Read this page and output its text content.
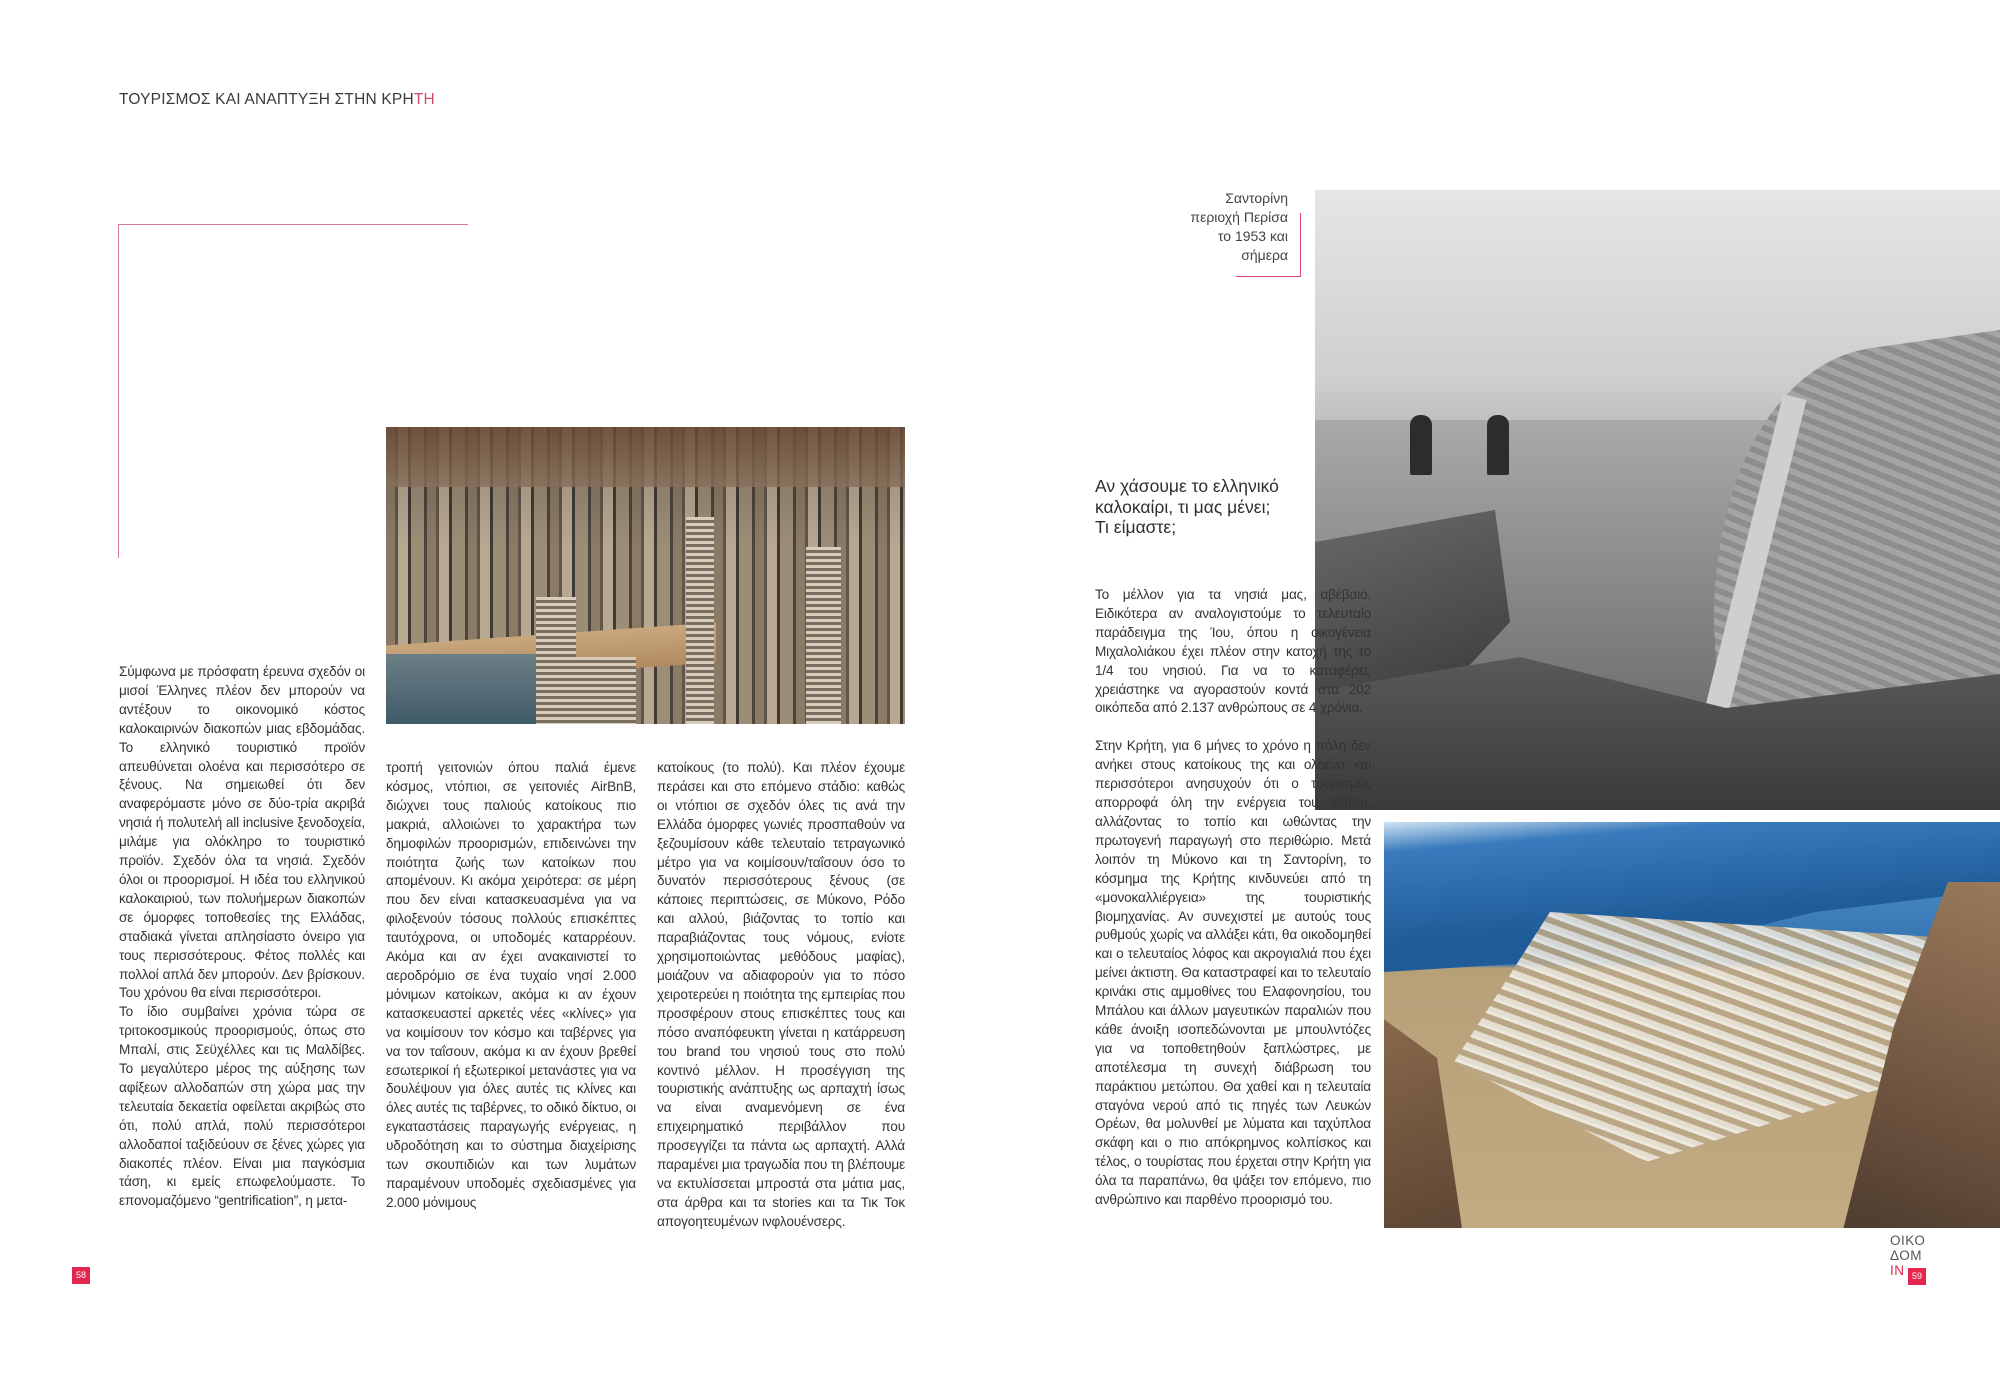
ΤΟΥΡΙΣΜΟΣ ΚΑΙ ΑΝΑΠΤΥΞΗ ΣΤΗΝ ΚΡΗΤΗ

Σύμφωνα με πρόσφατη έρευνα σχεδόν οι μισοί Έλληνες πλέον δεν μπορούν να αντέξουν το οικονομικό κόστος καλοκαιρινών διακοπών μιας εβδομάδας. Το ελληνικό τουριστικό προϊόν απευθύνεται ολοένα και περισσότερο σε ξένους. Να σημειωθεί ότι δεν αναφερόμαστε μόνο σε δύο-τρία ακριβά νησιά ή πολυτελή all inclusive ξενοδοχεία, μιλάμε για ολόκληρο το τουριστικό προϊόν. Σχεδόν όλα τα νησιά. Σχεδόν όλοι οι προορισμοί. Η ιδέα του ελληνικού καλοκαιριού, των πολυήμερων διακοπών σε όμορφες τοποθεσίες της Ελλάδας, σταδιακά γίνεται απλησίαστο όνειρο για τους περισσότερους. Φέτος πολλές και πολλοί απλά δεν μπορούν. Δεν βρίσκουν. Του χρόνου θα είναι περισσότεροι.

Το ίδιο συμβαίνει χρόνια τώρα σε τριτοκοσμικούς προορισμούς, όπως στο Μπαλί, στις Σεϋχέλλες και τις Μαλδίβες. Το μεγαλύτερο μέρος της αύξησης των αφίξεων αλλοδαπών στη χώρα μας την τελευταία δεκαετία οφείλεται ακριβώς στο ότι, πολύ απλά, πολύ περισσότεροι αλλοδαποί ταξιδεύουν σε ξένες χώρες για διακοπές πλέον. Είναι μια παγκόσμια τάση, κι εμείς επωφελούμαστε. Το επονομαζόμενο “gentrification”, η μετα-

τροπή γειτονιών όπου παλιά έμενε κόσμος, ντόπιοι, σε γειτονιές AirBnB, διώχνει τους παλιούς κατοίκους πιο μακριά, αλλοιώνει το χαρακτήρα των δημοφιλών προορισμών, επιδεινώνει την ποιότητα ζωής των κατοίκων που απομένουν. Κι ακόμα χειρότερα: σε μέρη που δεν είναι κατασκευασμένα για να φιλοξενούν τόσους πολλούς επισκέπτες ταυτόχρονα, οι υποδομές καταρρέουν. Ακόμα και αν έχει ανακαινιστεί το αεροδρόμιο σε ένα τυχαίο νησί 2.000 μόνιμων κατοίκων, ακόμα κι αν έχουν κατασκευαστεί αρκετές νέες «κλίνες» για να κοιμίσουν τον κόσμο και ταβέρνες για να τον ταΐσουν, ακόμα κι αν έχουν βρεθεί εσωτερικοί ή εξωτερικοί μετανάστες για να δουλέψουν για όλες αυτές τις κλίνες και όλες αυτές τις ταβέρνες, το οδικό δίκτυο, οι εγκαταστάσεις παραγωγής ενέργειας, η υδροδότηση και το σύστημα διαχείρισης των σκουπιδιών και των λυμάτων παραμένουν υποδομές σχεδιασμένες για 2.000 μόνιμους

κατοίκους (το πολύ). Και πλέον έχουμε περάσει και στο επόμενο στάδιο: καθώς οι ντόπιοι σε σχεδόν όλες τις ανά την Ελλάδα όμορφες γωνιές προσπαθούν να ξεζουμίσουν κάθε τελευταίο τετραγωνικό μέτρο για να κοιμίσουν/ταΐσουν όσο το δυνατόν περισσότερους ξένους (σε κάποιες περιπτώσεις, σε Μύκονο, Ρόδο και αλλού, βιάζοντας το τοπίο και παραβιάζοντας τους νόμους, ενίοτε χρησιμοποιώντας μεθόδους μαφίας), μοιάζουν να αδιαφορούν για το πόσο χειροτερεύει η ποιότητα της εμπειρίας που προσφέρουν στους επισκέπτες τους και πόσο αναπόφευκτη γίνεται η κατάρρευση του brand του νησιού τους στο πολύ κοντινό μέλλον. Η προσέγγιση της τουριστικής ανάπτυξης ως αρπαχτή ίσως να είναι αναμενόμενη σε ένα επιχειρηματικό περιβάλλον που προσεγγίζει τα πάντα ως αρπαχτή. Αλλά παραμένει μια τραγωδία που τη βλέπουμε να εκτυλίσσεται μπροστά στα μάτια μας, στα άρθρα και τα stories και τα Τικ Τοκ απογοητευμένων ινφλουένσερς.

58
Σαντορίνη
περιοχή Περίσα
το 1953 και
σήμερα
Αν χάσουμε το ελληνικό
καλοκαίρι, τι μας μένει;
Τι είμαστε;

Το μέλλον για τα νησιά μας, αβέβαιο. Ειδικότερα αν αναλογιστούμε το τελευταίο παράδειγμα της Ίου, όπου η οικογένεια Μιχαλολιάκου έχει πλέον στην κατοχή της το 1/4 του νησιού. Για να το καταφέρει, χρειάστηκε να αγοραστούν κοντά στα 202 οικόπεδα από 2.137 ανθρώπους σε 4 χρόνια.

Στην Κρήτη, για 6 μήνες το χρόνο η πόλη δεν ανήκει στους κατοίκους της και ολοένα και περισσότεροι ανησυχούν ότι ο τουρισμός απορροφά όλη την ενέργεια του τόπου, αλλάζοντας το τοπίο και ωθώντας την πρωτογενή παραγωγή στο περιθώριο. Μετά λοιπόν τη Μύκονο και τη Σαντορίνη, το κόσμημα της Κρήτης κινδυνεύει από τη «μονοκαλλιέργεια» της τουριστικής βιομηχανίας. Αν συνεχιστεί με αυτούς τους ρυθμούς χωρίς να αλλάξει κάτι, θα οικοδομηθεί και ο τελευταίος λόφος και ακρογιαλιά που έχει μείνει άκτιστη. Θα καταστραφεί και το τελευταίο κρινάκι στις αμμοθίνες του Ελαφονησίου, του Μπάλου και άλλων μαγευτικών παραλιών που κάθε άνοιξη ισοπεδώνονται με μπουλντόζες για να τοποθετηθούν ξαπλώστρες, με αποτέλεσμα τη συνεχή διάβρωση του παράκτιου μετώπου. Θα χαθεί και η τελευταία σταγόνα νερού από τις πηγές των Λευκών Ορέων, θα μολυνθεί με λύματα και ταχύπλοα σκάφη και ο πιο απόκρημνος κολπίσκος και τέλος, ο τουρίστας που έρχεται στην Κρήτη για όλα τα παραπάνω, θα ψάξει τον επόμενο, πιο ανθρώπινο και παρθένο προορισμό του.

ΟΙΚΟ
ΔΟΜ
IN 59
